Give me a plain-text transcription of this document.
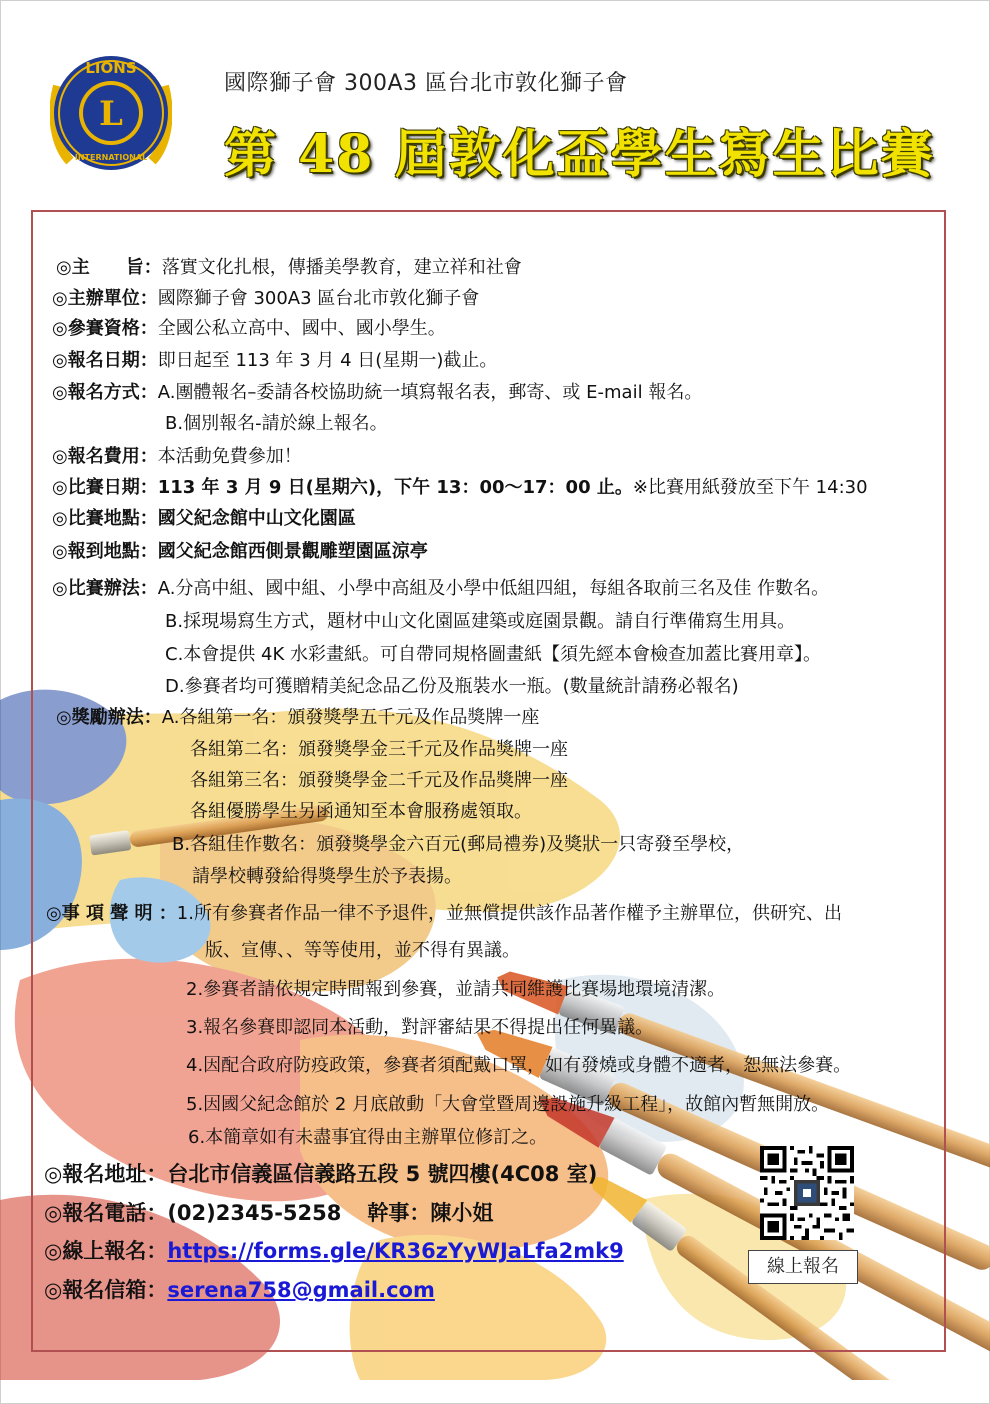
L
LIONS
INTERNATIONAL
國際獅子會 300A3 區台北市敦化獅子會
第 48 屆敦化盃學生寫生比賽
◎主　　旨：落實文化扎根，傳播美學教育，建立祥和社會
◎主辦單位：國際獅子會 300A3 區台北市敦化獅子會
◎參賽資格：全國公私立高中、國中、國小學生。
◎報名日期：即日起至 113 年 3 月 4 日(星期一)截止。
◎報名方式：A.團體報名–委請各校協助統一填寫報名表，郵寄、或 E-mail 報名。
B.個別報名-請於線上報名。
◎報名費用：本活動免費參加！
◎比賽日期：113 年 3 月 9 日(星期六)，下午 13：00～17：00 止。※比賽用紙發放至下午 14:30
◎比賽地點：國父紀念館中山文化園區
◎報到地點：國父紀念館西側景觀雕塑園區涼亭
◎比賽辦法：A.分高中組、國中組、小學中高組及小學中低組四組，每組各取前三名及佳 作數名。
B.採現場寫生方式，題材中山文化園區建築或庭園景觀。請自行準備寫生用具。
C.本會提供 4K 水彩畫紙。可自帶同規格圖畫紙【須先經本會檢查加蓋比賽用章】。
D.參賽者均可獲贈精美紀念品乙份及瓶裝水一瓶。(數量統計請務必報名)
◎獎勵辦法：A.各組第一名：頒發獎學五千元及作品獎牌一座
各組第二名：頒發獎學金三千元及作品獎牌一座
各組第三名：頒發獎學金二千元及作品獎牌一座
各組優勝學生另函通知至本會服務處領取。
B.各組佳作數名：頒發獎學金六百元(郵局禮劵)及獎狀一只寄發至學校，
請學校轉發給得獎學生於予表揚。
◎事 項 聲 明 ：1.所有參賽者作品一律不予退件，並無償提供該作品著作權予主辦單位，供研究、出
版、宣傳、、等等使用，並不得有異議。
2.參賽者請依規定時間報到參賽，並請共同維護比賽場地環境清潔。
3.報名參賽即認同本活動，對評審結果不得提出任何異議。
4.因配合政府防疫政策，參賽者須配戴口罩，如有發燒或身體不適者，恕無法參賽。
5.因國父紀念館於 2 月底啟動「大會堂暨周邊設施升級工程」，故館內暫無開放。
6.本簡章如有未盡事宜得由主辦單位修訂之。
◎報名地址：台北市信義區信義路五段 5 號四樓(4C08 室)
◎報名電話：(02)2345-5258 幹事：陳小姐
◎線上報名：https://forms.gle/KR36zYyWJaLfa2mk9
◎報名信箱：serena758@gmail.com
線上報名
